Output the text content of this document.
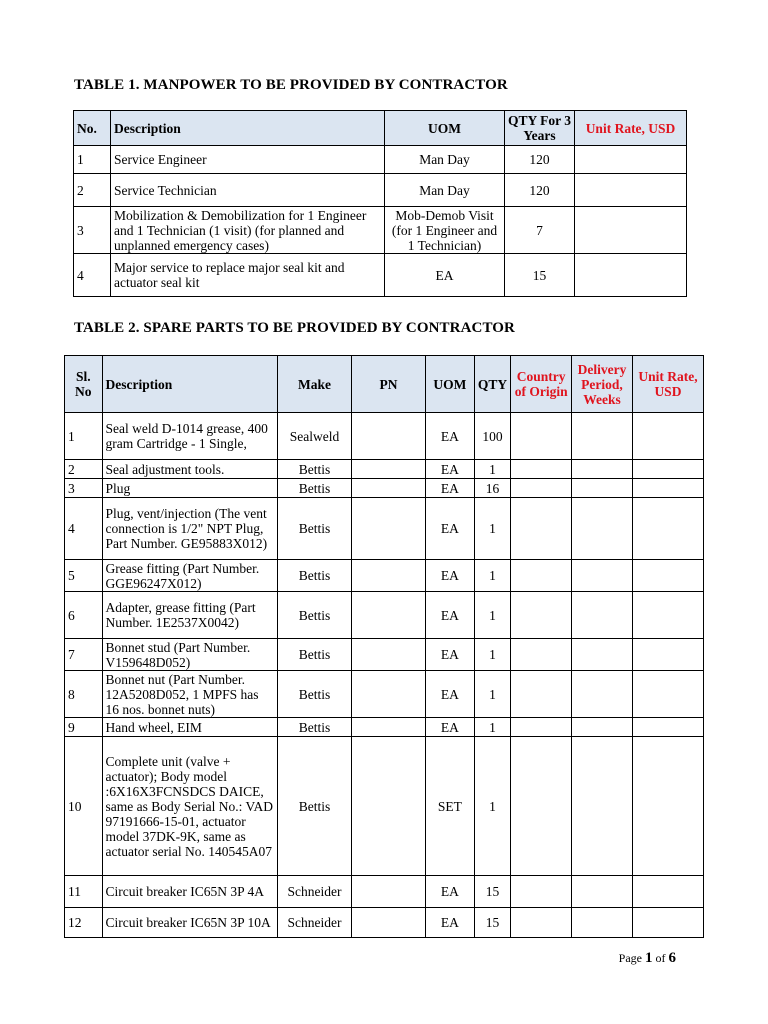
TABLE 1. MANPOWER TO BE PROVIDED BY CONTRACTOR
No.	Description	UOM	QTY For 3 Years	Unit Rate, USD
1	Service Engineer	Man Day	120	
2	Service Technician	Man Day	120	
3	Mobilization & Demobilization for 1 Engineer and 1 Technician (1 visit) (for planned and unplanned emergency cases)	Mob-Demob Visit (for 1 Engineer and 1 Technician)	7	
4	Major service to replace major seal kit and actuator seal kit	EA	15	
TABLE 2. SPARE PARTS TO BE PROVIDED BY CONTRACTOR
Sl. No	Description	Make	PN	UOM	QTY	Country of Origin	Delivery Period, Weeks	Unit Rate, USD
1	Seal weld D-1014 grease, 400 gram Cartridge - 1 Single,	Sealweld		EA	100			
2	Seal adjustment tools.	Bettis		EA	1			
3	Plug	Bettis		EA	16			
4	Plug, vent/injection (The vent connection is 1/2" NPT Plug, Part Number. GE95883X012)	Bettis		EA	1			
5	Grease fitting (Part Number. GGE96247X012)	Bettis		EA	1			
6	Adapter, grease fitting (Part Number. 1E2537X0042)	Bettis		EA	1			
7	Bonnet stud (Part Number. V159648D052)	Bettis		EA	1			
8	Bonnet nut (Part Number. 12A5208D052, 1 MPFS has 16 nos. bonnet nuts)	Bettis		EA	1			
9	Hand wheel, EIM	Bettis		EA	1			
10	Complete unit (valve + actuator); Body model :6X16X3FCNSDCS DAICE, same as Body Serial No.: VAD 97191666-15-01, actuator model 37DK-9K, same as actuator serial No. 140545A07	Bettis		SET	1			
11	Circuit breaker IC65N 3P 4A	Schneider		EA	15			
12	Circuit breaker IC65N 3P 10A	Schneider		EA	15			
Page 1 of 6
